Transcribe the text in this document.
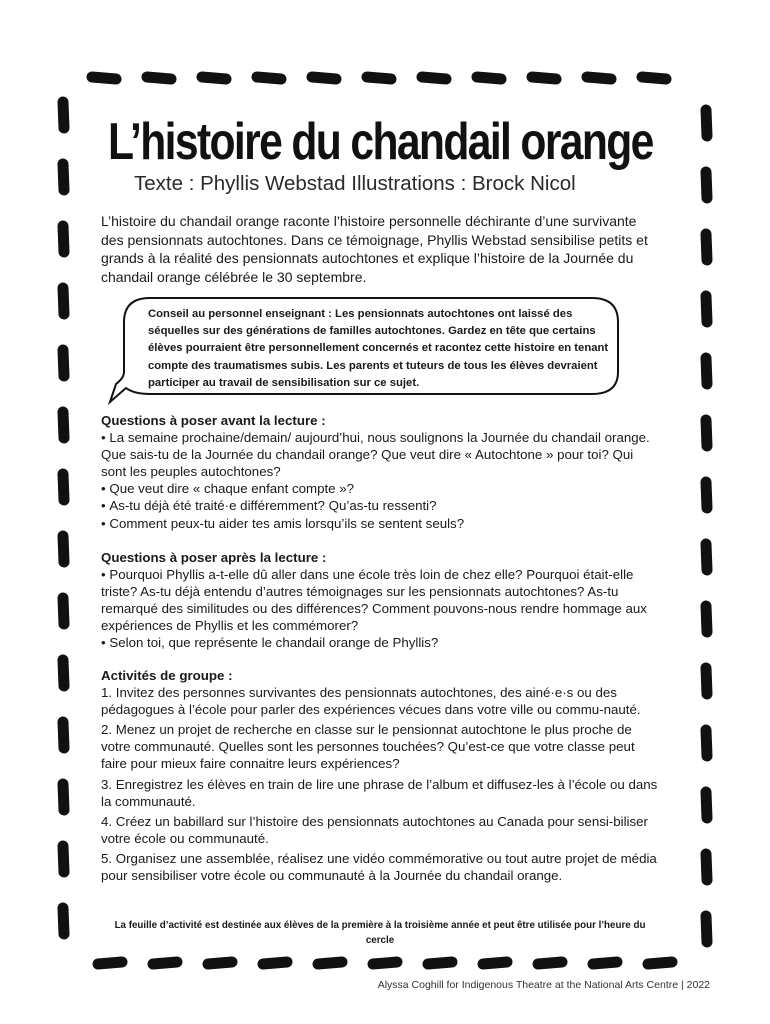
L’histoire du chandail orange

Texte : Phyllis Webstad Illustrations : Brock Nicol

L’histoire du chandail orange raconte l’histoire personnelle déchirante d’une survivante des pensionnats autochtones. Dans ce témoignage, Phyllis Webstad sensibilise petits et grands à la réalité des pensionnats autochtones et explique l’histoire de la Journée du chandail orange célébrée le 30 septembre.

Conseil au personnel enseignant : Les pensionnats autochtones ont laissé des séquelles sur des générations de familles autochtones. Gardez en tête que certains élèves pourraient être personnellement concernés et racontez cette histoire en tenant compte des traumatismes subis. Les parents et tuteurs de tous les élèves devraient participer au travail de sensibilisation sur ce sujet.

Questions à poser avant la lecture :
• La semaine prochaine/demain/ aujourd’hui, nous soulignons la Journée du chandail orange. Que sais-tu de la Journée du chandail orange? Que veut dire « Autochtone » pour toi? Qui sont les peuples autochtones?
• Que veut dire « chaque enfant compte »?
• As-tu déjà été traité·e différemment? Qu’as-tu ressenti?
• Comment peux-tu aider tes amis lorsqu’ils se sentent seuls?
Questions à poser après la lecture :
• Pourquoi Phyllis a-t-elle dû aller dans une école très loin de chez elle? Pourquoi était-elle triste? As-tu déjà entendu d’autres témoignages sur les pensionnats autochtones? As-tu remarqué des similitudes ou des différences? Comment pouvons-nous rendre hommage aux expériences de Phyllis et les commémorer?
• Selon toi, que représente le chandail orange de Phyllis?
Activités de groupe :

1. Invitez des personnes survivantes des pensionnats autochtones, des ainé·e·s ou des pédagogues à l’école pour parler des expériences vécues dans votre ville ou commu-nauté.

2. Menez un projet de recherche en classe sur le pensionnat autochtone le plus proche de votre communauté. Quelles sont les personnes touchées? Qu’est-ce que votre classe peut faire pour mieux faire connaitre leurs expériences?

3. Enregistrez les élèves en train de lire une phrase de l’album et diffusez-les à l’école ou dans la communauté.

4. Créez un babillard sur l’histoire des pensionnats autochtones au Canada pour sensi-biliser votre école ou communauté.

5. Organisez une assemblée, réalisez une vidéo commémorative ou tout autre projet de média pour sensibiliser votre école ou communauté à la Journée du chandail orange.

La feuille d’activité est destinée aux élèves de la première à la troisième année et peut être utilisée pour l’heure du cercle

Alyssa Coghill for Indigenous Theatre at the National Arts Centre | 2022
